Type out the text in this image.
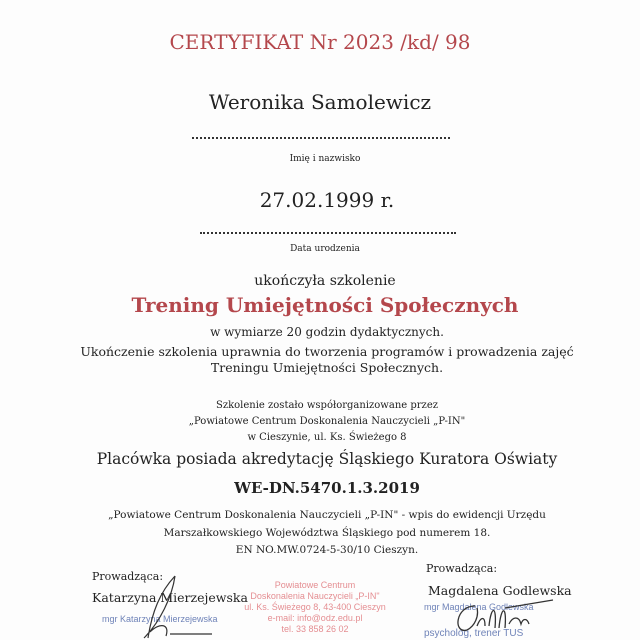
CERTYFIKAT Nr 2023 /kd/ 98
Weronika Samolewicz
Imię i nazwisko
27.02.1999 r.
Data urodzenia
ukończyła szkolenie
Trening Umiejętności Społecznych
w wymiarze 20 godzin dydaktycznych.
Ukończenie szkolenia uprawnia do tworzenia programów i prowadzenia zajęć
Treningu Umiejętności Społecznych.
Szkolenie zostało współorganizowane przez
„Powiatowe Centrum Doskonalenia Nauczycieli „P-IN"
w Cieszynie, ul. Ks. Świeżego 8
Placówka posiada akredytację Śląskiego Kuratora Oświaty
WE-DN.5470.1.3.2019
„Powiatowe Centrum Doskonalenia Nauczycieli „P-IN" - wpis do ewidencji Urzędu
Marszałkowskiego Województwa Śląskiego pod numerem 18.
EN NO.MW.0724-5-30/10 Cieszyn.
Prowadząca:
Katarzyna Mierzejewska
mgr Katarzyna Mierzejewska
Powiatowe Centrum
Doskonalenia Nauczycieli „P-IN"
ul. Ks. Świeżego 8, 43-400 Cieszyn
e-mail: info@odz.edu.pl
tel. 33 858 26 02
Prowadząca:
Magdalena Godlewska
mgr Magdalena Godlewska
psycholog, trener TUS
